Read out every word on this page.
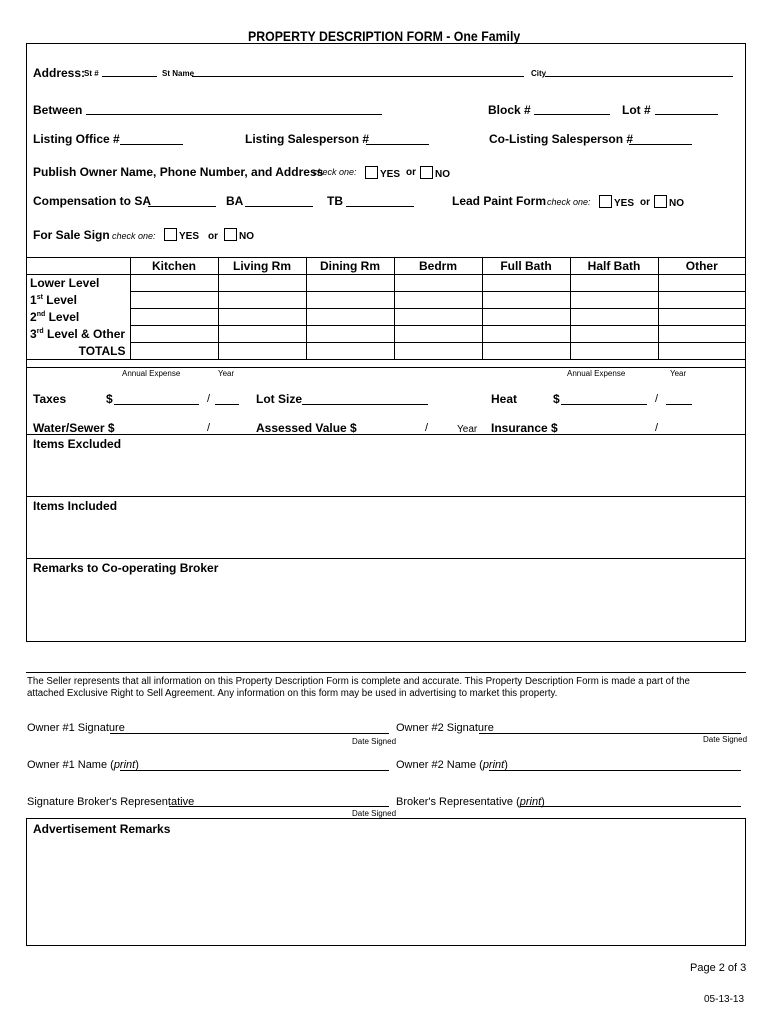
PROPERTY DESCRIPTION FORM - One Family
Address:
St #	St Name	City
Between	Block #	Lot #
Listing Office #	Listing Salesperson #	Co-Listing Salesperson #
Publish Owner Name, Phone Number, and Address
check one:	YES or	NO
Compensation to SA	BA	TB	Lead Paint Form check one:	YES or	NO
For Sale Sign check one:	YES or	NO
	Kitchen	Living Rm	Dining Rm	Bedrm	Full Bath	Half Bath	Other
Lower Level							
1st Level							
2nd Level							
3rd Level & Other							
TOTALS							
Annual Expense	Year	Annual Expense	Year
Taxes	$	/	Lot Size	Heat	$	/
Water/Sewer $	/	Assessed Value $	/	Year Insurance $	/
Items Excluded
Items Included
Remarks to Co-operating Broker
The Seller represents that all information on this Property Description Form is complete and accurate. This Property Description Form is made a part of the attached Exclusive Right to Sell Agreement. Any information on this form may be used in advertising to market this property.
Owner #1 Signature
Date Signed
Owner #2 Signature
Date Signed
Owner #1 Name (print)	Owner #2 Name (print)
Signature Broker's Representative
Date Signed
Broker's Representative (print)
Advertisement Remarks
Page 2 of 3
05-13-13
